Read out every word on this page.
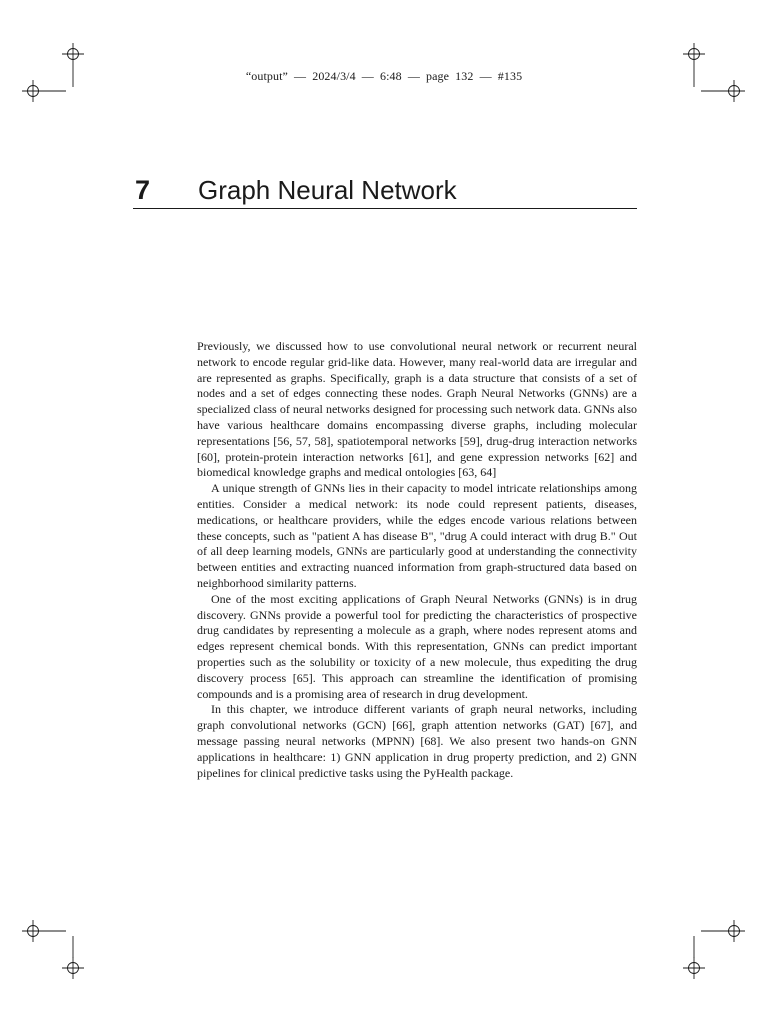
“output” — 2024/3/4 — 6:48 — page 132 — #135
7 Graph Neural Network

Previously, we discussed how to use convolutional neural network or recurrent neural network to encode regular grid-like data. However, many real-world data are irregular and are represented as graphs. Specifically, graph is a data structure that consists of a set of nodes and a set of edges connecting these nodes. Graph Neural Networks (GNNs) are a specialized class of neural networks designed for processing such network data. GNNs also have various healthcare domains encompassing diverse graphs, including molecular representations [56, 57, 58], spatiotemporal networks [59], drug-drug interaction networks [60], protein-protein interaction networks [61], and gene expression networks [62] and biomedical knowledge graphs and medical ontologies [63, 64]

A unique strength of GNNs lies in their capacity to model intricate relationships among entities. Consider a medical network: its node could represent patients, diseases, medications, or healthcare providers, while the edges encode various relations between these concepts, such as "patient A has disease B", "drug A could interact with drug B." Out of all deep learning models, GNNs are particularly good at understanding the connectivity between entities and extracting nuanced information from graph-structured data based on neighborhood similarity patterns.

One of the most exciting applications of Graph Neural Networks (GNNs) is in drug discovery. GNNs provide a powerful tool for predicting the characteristics of prospective drug candidates by representing a molecule as a graph, where nodes represent atoms and edges represent chemical bonds. With this representation, GNNs can predict important properties such as the solubility or toxicity of a new molecule, thus expediting the drug discovery process [65]. This approach can streamline the identification of promising compounds and is a promising area of research in drug development.

In this chapter, we introduce different variants of graph neural networks, including graph convolutional networks (GCN) [66], graph attention networks (GAT) [67], and message passing neural networks (MPNN) [68]. We also present two hands-on GNN applications in healthcare: 1) GNN application in drug property prediction, and 2) GNN pipelines for clinical predictive tasks using the PyHealth package.
